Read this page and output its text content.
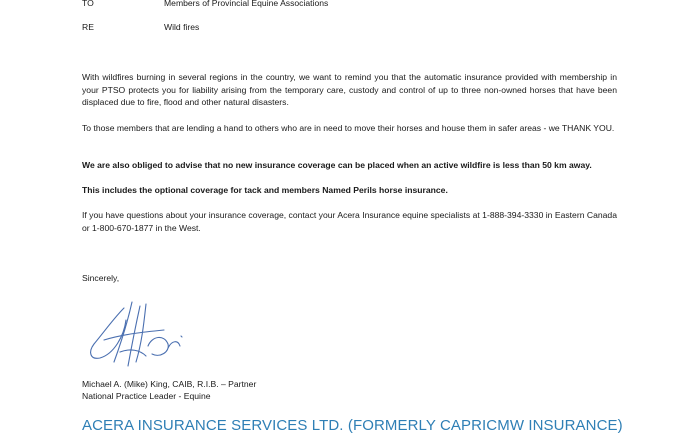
TO	Members of Provincial Equine Associations
RE	Wild fires

With wildfires burning in several regions in the country, we want to remind you that the automatic insurance provided with membership in your PTSO protects you for liability arising from the temporary care, custody and control of up to three non-owned horses that have been displaced due to fire, flood and other natural disasters.

To those members that are lending a hand to others who are in need to move their horses and house them in safer areas - we THANK YOU.

We are also obliged to advise that no new insurance coverage can be placed when an active wildfire is less than 50 km away.

This includes the optional coverage for tack and members Named Perils horse insurance.

If you have questions about your insurance coverage, contact your Acera Insurance equine specialists at 1-888-394-3330 in Eastern Canada     or 1-800-670-1877 in the West.

Sincerely,
Michael A. (Mike) King, CAIB, R.I.B. – Partner
National Practice Leader - Equine
ACERA INSURANCE SERVICES LTD. (FORMERLY CAPRICMW INSURANCE)
